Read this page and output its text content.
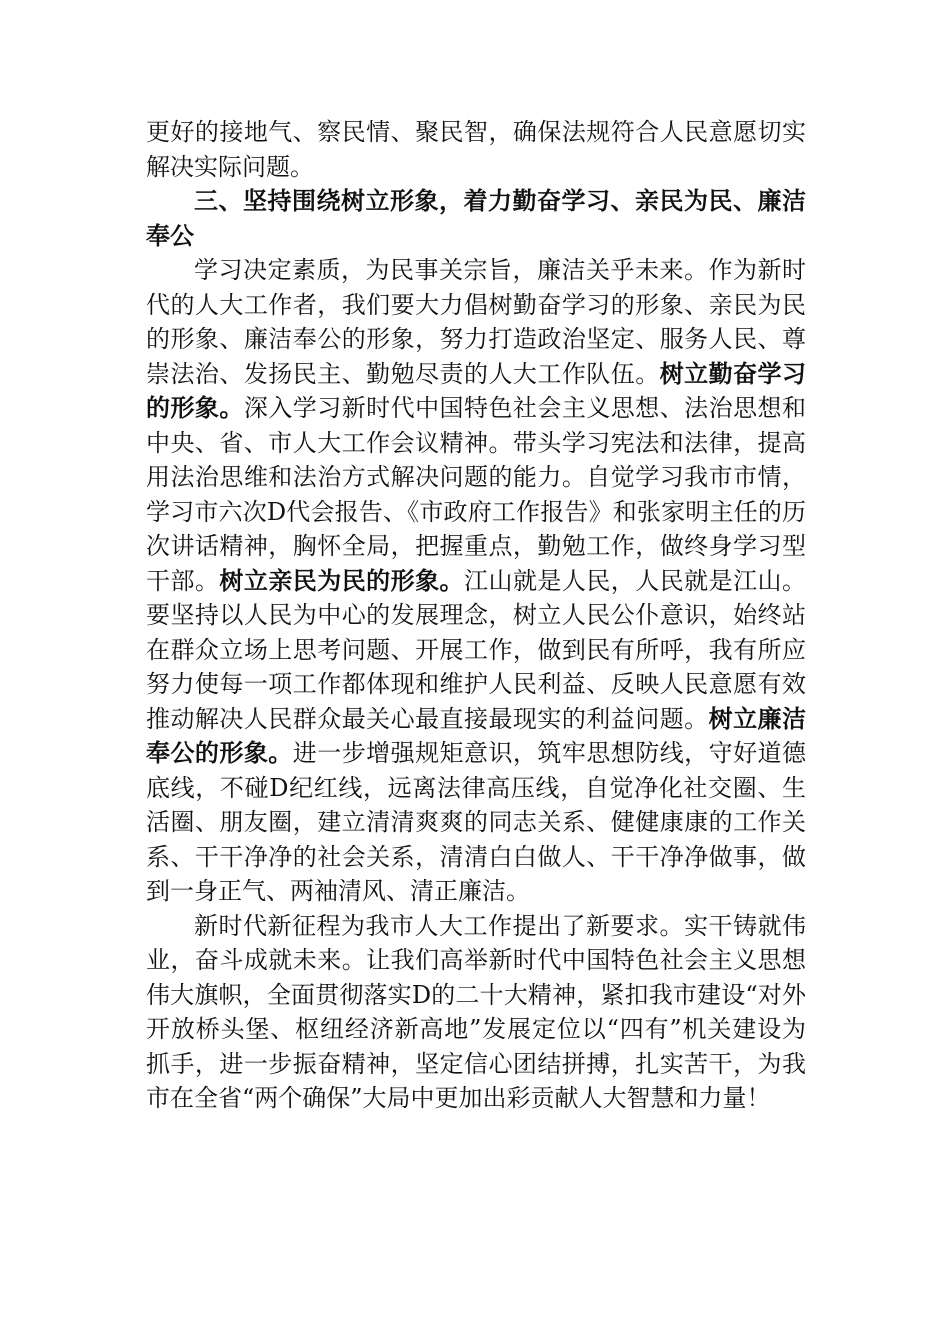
更好的接地气、察民情、聚民智，确保法规符合人民意愿切实解决实际问题。

三、坚持围绕树立形象，着力勤奋学习、亲民为民、廉洁奉公

学习决定素质，为民事关宗旨，廉洁关乎未来。作为新时代的人大工作者，我们要大力倡树勤奋学习的形象、亲民为民的形象、廉洁奉公的形象，努力打造政治坚定、服务人民、尊崇法治、发扬民主、勤勉尽责的人大工作队伍。树立勤奋学习的形象。深入学习新时代中国特色社会主义思想、法治思想和中央、省、市人大工作会议精神。带头学习宪法和法律，提高用法治思维和法治方式解决问题的能力。自觉学习我市市情，学习市六次D代会报告、《市政府工作报告》和张家明主任的历次讲话精神，胸怀全局，把握重点，勤勉工作，做终身学习型干部。树立亲民为民的形象。江山就是人民，人民就是江山。要坚持以人民为中心的发展理念，树立人民公仆意识，始终站在群众立场上思考问题、开展工作，做到民有所呼，我有所应努力使每一项工作都体现和维护人民利益、反映人民意愿有效推动解决人民群众最关心最直接最现实的利益问题。树立廉洁奉公的形象。进一步增强规矩意识，筑牢思想防线，守好道德底线，不碰D纪红线，远离法律高压线，自觉净化社交圈、生活圈、朋友圈，建立清清爽爽的同志关系、健健康康的工作关系、干干净净的社会关系，清清白白做人、干干净净做事，做到一身正气、两袖清风、清正廉洁。

新时代新征程为我市人大工作提出了新要求。实干铸就伟业，奋斗成就未来。让我们高举新时代中国特色社会主义思想伟大旗帜，全面贯彻落实D的二十大精神，紧扣我市建设“对外开放桥头堡、枢纽经济新高地”发展定位以“四有”机关建设为抓手，进一步振奋精神，坚定信心团结拼搏，扎实苦干，为我市在全省“两个确保”大局中更加出彩贡献人大智慧和力量！
